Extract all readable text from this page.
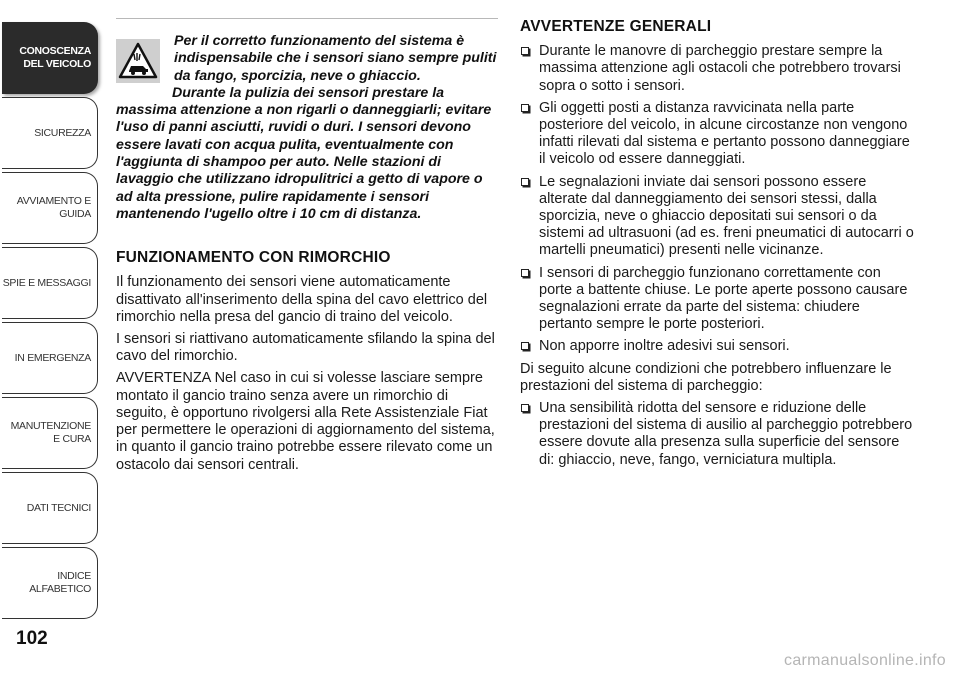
CONOSCENZA DEL VEICOLO
SICUREZZA
AVVIAMENTO E GUIDA
SPIE E MESSAGGI
IN EMERGENZA
MANUTENZIONE E CURA
DATI TECNICI
INDICE ALFABETICO
102
Per il corretto funzionamento del sistema è indispensabile che i sensori siano sempre puliti da fango, sporcizia, neve o ghiaccio.
Durante la pulizia dei sensori prestare la massima attenzione a non rigarli o danneggiarli; evitare l'uso di panni asciutti, ruvidi o duri. I sensori devono essere lavati con acqua pulita, eventualmente con l'aggiunta di shampoo per auto. Nelle stazioni di lavaggio che utilizzano idropulitrici a getto di vapore o ad alta pressione, pulire rapidamente i sensori mantenendo l'ugello oltre i 10 cm di distanza.
FUNZIONAMENTO CON RIMORCHIO

Il funzionamento dei sensori viene automaticamente disattivato all'inserimento della spina del cavo elettrico del rimorchio nella presa del gancio di traino del veicolo.

I sensori si riattivano automaticamente sfilando la spina del cavo del rimorchio.

AVVERTENZA Nel caso in cui si volesse lasciare sempre montato il gancio traino senza avere un rimorchio di seguito, è opportuno rivolgersi alla Rete Assistenziale Fiat per permettere le operazioni di aggiornamento del sistema, in quanto il gancio traino potrebbe essere rilevato come un ostacolo dai sensori centrali.

AVVERTENZE GENERALI
Durante le manovre di parcheggio prestare sempre la massima attenzione agli ostacoli che potrebbero trovarsi sopra o sotto i sensori.
Gli oggetti posti a distanza ravvicinata nella parte posteriore del veicolo, in alcune circostanze non vengono infatti rilevati dal sistema e pertanto possono danneggiare il veicolo od essere danneggiati.
Le segnalazioni inviate dai sensori possono essere alterate dal danneggiamento dei sensori stessi, dalla sporcizia, neve o ghiaccio depositati sui sensori o da sistemi ad ultrasuoni (ad es. freni pneumatici di autocarri o martelli pneumatici) presenti nelle vicinanze.
I sensori di parcheggio funzionano correttamente con porte a battente chiuse. Le porte aperte possono causare segnalazioni errate da parte del sistema: chiudere pertanto sempre le porte posteriori.
Non apporre inoltre adesivi sui sensori.

Di seguito alcune condizioni che potrebbero influenzare le prestazioni del sistema di parcheggio:

Una sensibilità ridotta del sensore e riduzione delle prestazioni del sistema di ausilio al parcheggio potrebbero essere dovute alla presenza sulla superficie del sensore di: ghiaccio, neve, fango, verniciatura multipla.
carmanualsonline.info
